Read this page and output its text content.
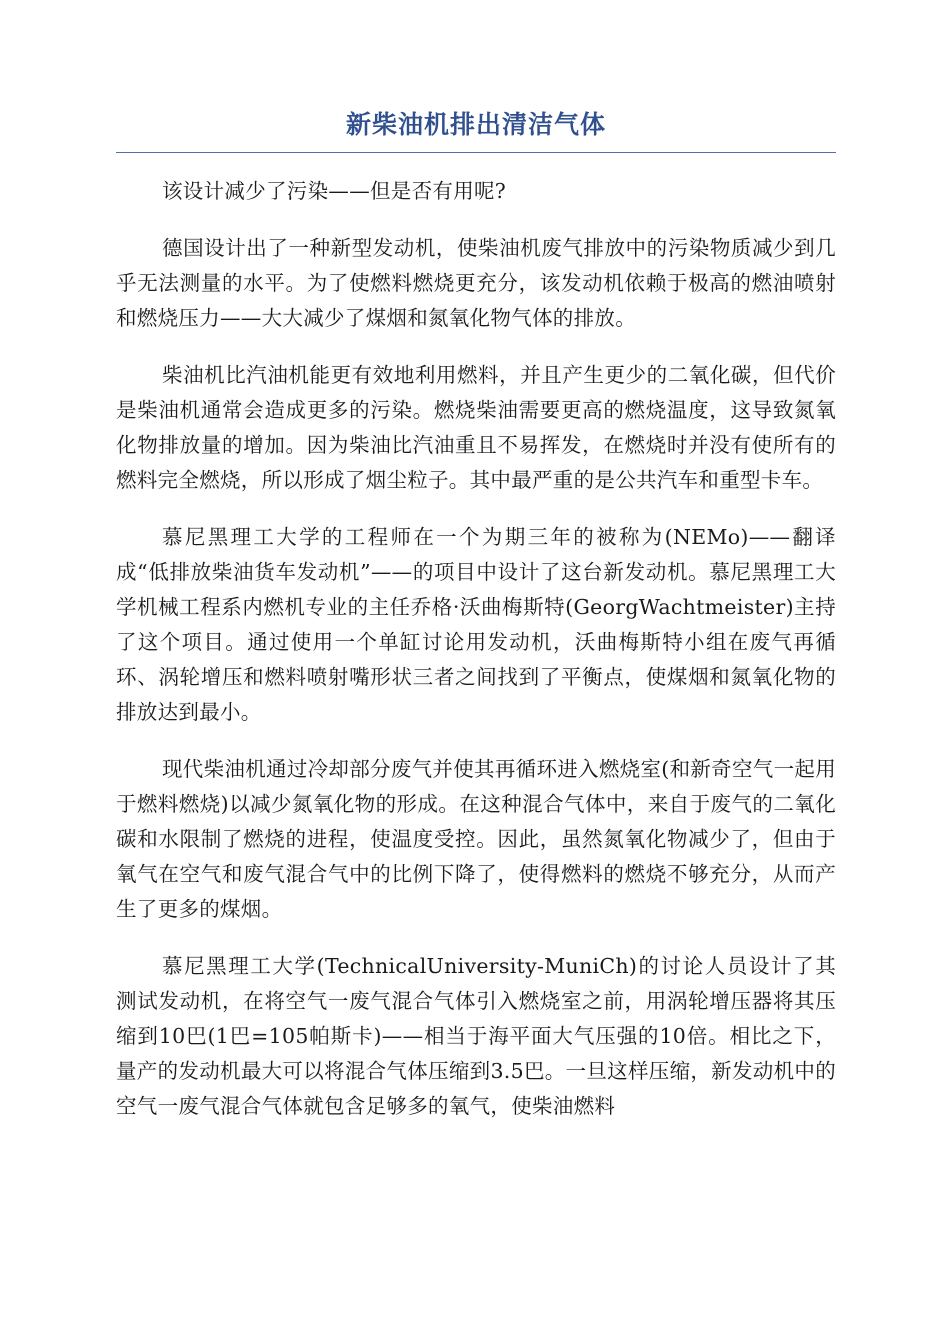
新柴油机排出清洁气体

该设计减少了污染——但是否有用呢?

德国设计出了一种新型发动机，使柴油机废气排放中的污染物质减少到几乎无法测量的水平。为了使燃料燃烧更充分，该发动机依赖于极高的燃油喷射和燃烧压力——大大减少了煤烟和氮氧化物气体的排放。

柴油机比汽油机能更有效地利用燃料，并且产生更少的二氧化碳，但代价是柴油机通常会造成更多的污染。燃烧柴油需要更高的燃烧温度，这导致氮氧化物排放量的增加。因为柴油比汽油重且不易挥发，在燃烧时并没有使所有的燃料完全燃烧，所以形成了烟尘粒子。其中最严重的是公共汽车和重型卡车。

慕尼黑理工大学的工程师在一个为期三年的被称为(NEMo)——翻译成“低排放柴油货车发动机”——的项目中设计了这台新发动机。慕尼黑理工大学机械工程系内燃机专业的主任乔格·沃曲梅斯特(GeorgWachtmeister)主持了这个项目。通过使用一个单缸讨论用发动机，沃曲梅斯特小组在废气再循环、涡轮增压和燃料喷射嘴形状三者之间找到了平衡点，使煤烟和氮氧化物的排放达到最小。

现代柴油机通过冷却部分废气并使其再循环进入燃烧室(和新奇空气一起用于燃料燃烧)以减少氮氧化物的形成。在这种混合气体中，来自于废气的二氧化碳和水限制了燃烧的进程，使温度受控。因此，虽然氮氧化物减少了，但由于氧气在空气和废气混合气中的比例下降了，使得燃料的燃烧不够充分，从而产生了更多的煤烟。

慕尼黑理工大学(TechnicalUniversity-MuniCh)的讨论人员设计了其测试发动机，在将空气一废气混合气体引入燃烧室之前，用涡轮增压器将其压缩到10巴(1巴=105帕斯卡)——相当于海平面大气压强的10倍。相比之下，量产的发动机最大可以将混合气体压缩到3.5巴。一旦这样压缩，新发动机中的空气一废气混合气体就包含足够多的氧气，使柴油燃料
